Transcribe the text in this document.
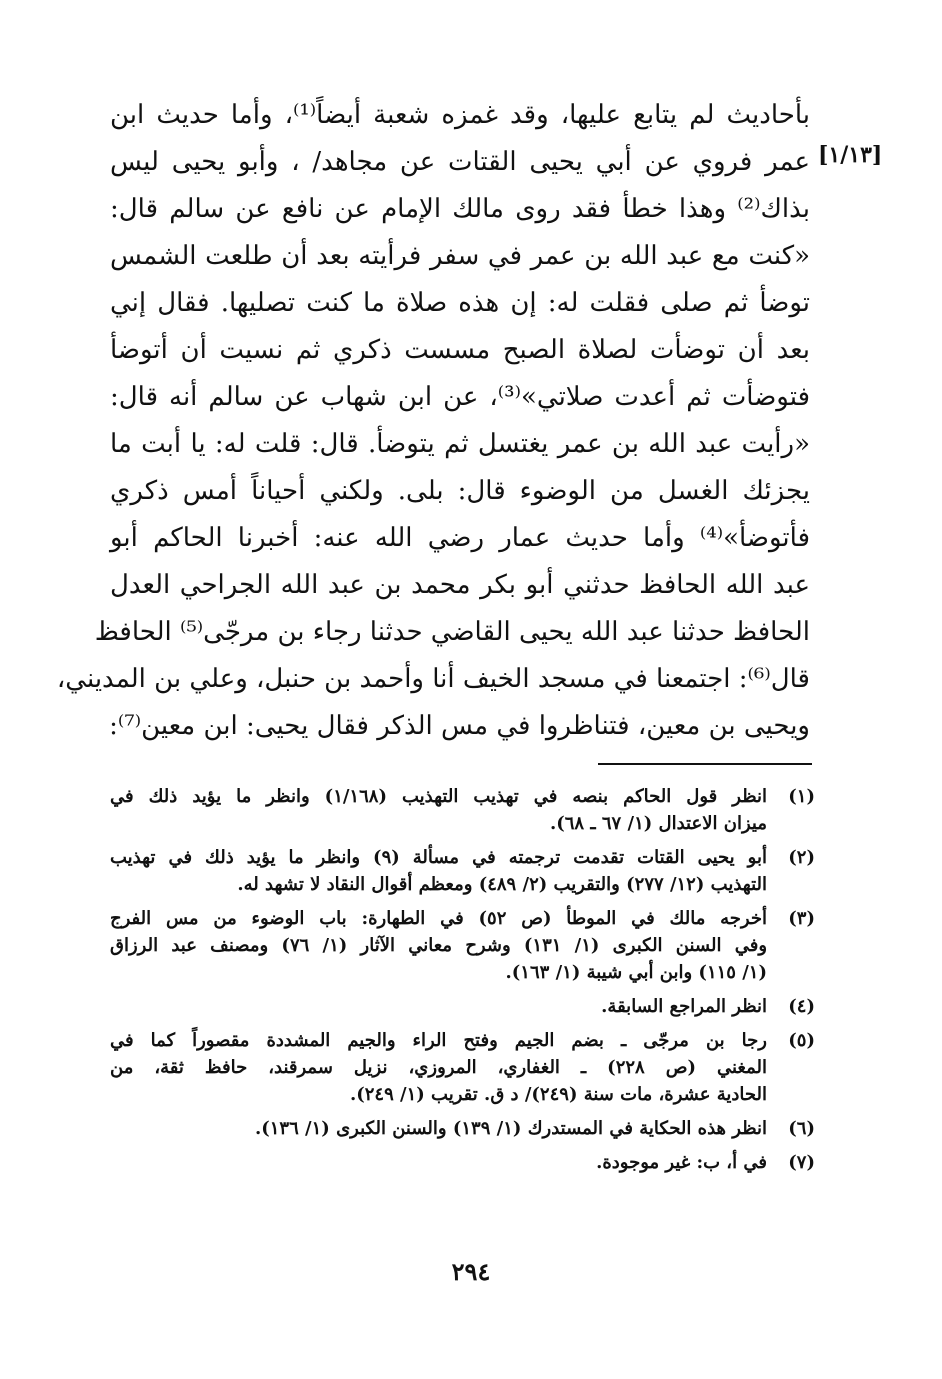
[١/١٣]
بأحاديث لم يتابع عليها، وقد غمزه شعبة أيضاً⁽¹⁾، وأما حديث ابن
عمر فروي عن أبي يحيى القتات عن مجاهد/ ، وأبو يحيى ليس
بذاك⁽²⁾ وهذا خطأ فقد روى مالك الإمام عن نافع عن سالم قال:
«كنت مع عبد الله بن عمر في سفر فرأيته بعد أن طلعت الشمس
توضأ ثم صلى فقلت له: إن هذه صلاة ما كنت تصليها. فقال إني
بعد أن توضأت لصلاة الصبح مسست ذكري ثم نسيت أن أتوضأ
فتوضأت ثم أعدت صلاتي»⁽³⁾، عن ابن شهاب عن سالم أنه قال:
«رأيت عبد الله بن عمر يغتسل ثم يتوضأ. قال: قلت له: يا أبت ما
يجزئك الغسل من الوضوء قال: بلى. ولكني أحياناً أمس ذكري
فأتوضأ»⁽⁴⁾ وأما حديث عمار رضي الله عنه: أخبرنا الحاكم أبو
عبد الله الحافظ حدثني أبو بكر محمد بن عبد الله الجراحي العدل
الحافظ حدثنا عبد الله يحيى القاضي حدثنا رجاء بن مرجّى⁽⁵⁾ الحافظ
قال⁽⁶⁾: اجتمعنا في مسجد الخيف أنا وأحمد بن حنبل، وعلي بن المديني،
ويحيى بن معين، فتناظروا في مس الذكر فقال يحيى: ابن معين⁽⁷⁾:
(١)
انظر قول الحاكم بنصه في تهذيب التهذيب (١/١٦٨) وانظر ما يؤيد ذلك في
ميزان الاعتدال (١/ ٦٧ ـ ٦٨).
(٢)
أبو يحيى القتات تقدمت ترجمته في مسألة (٩) وانظر ما يؤيد ذلك في تهذيب
التهذيب (١٢/ ٢٧٧) والتقريب (٢/ ٤٨٩) ومعظم أقوال النقاد لا تشهد له.
(٣)
أخرجه مالك في الموطأ (ص ٥٢) في الطهارة: باب الوضوء من مس الفرج
وفي السنن الكبرى (١/ ١٣١) وشرح معاني الآثار (١/ ٧٦) ومصنف عبد الرزاق
(١/ ١١٥) وابن أبي شيبة (١/ ١٦٣).
(٤)
انظر المراجع السابقة.
(٥)
رجا بن مرجّى ـ بضم الجيم وفتح الراء والجيم المشددة مقصوراً كما في
المغني (ص ٢٢٨) ـ الغفاري، المروزي، نزيل سمرقند، حافظ ثقة، من
الحادية عشرة، مات سنة (٢٤٩)/ د ق. تقريب (١/ ٢٤٩).
(٦)
انظر هذه الحكاية في المستدرك (١/ ١٣٩) والسنن الكبرى (١/ ١٣٦).
(٧)
في أ، ب: غير موجودة.
٢٩٤
